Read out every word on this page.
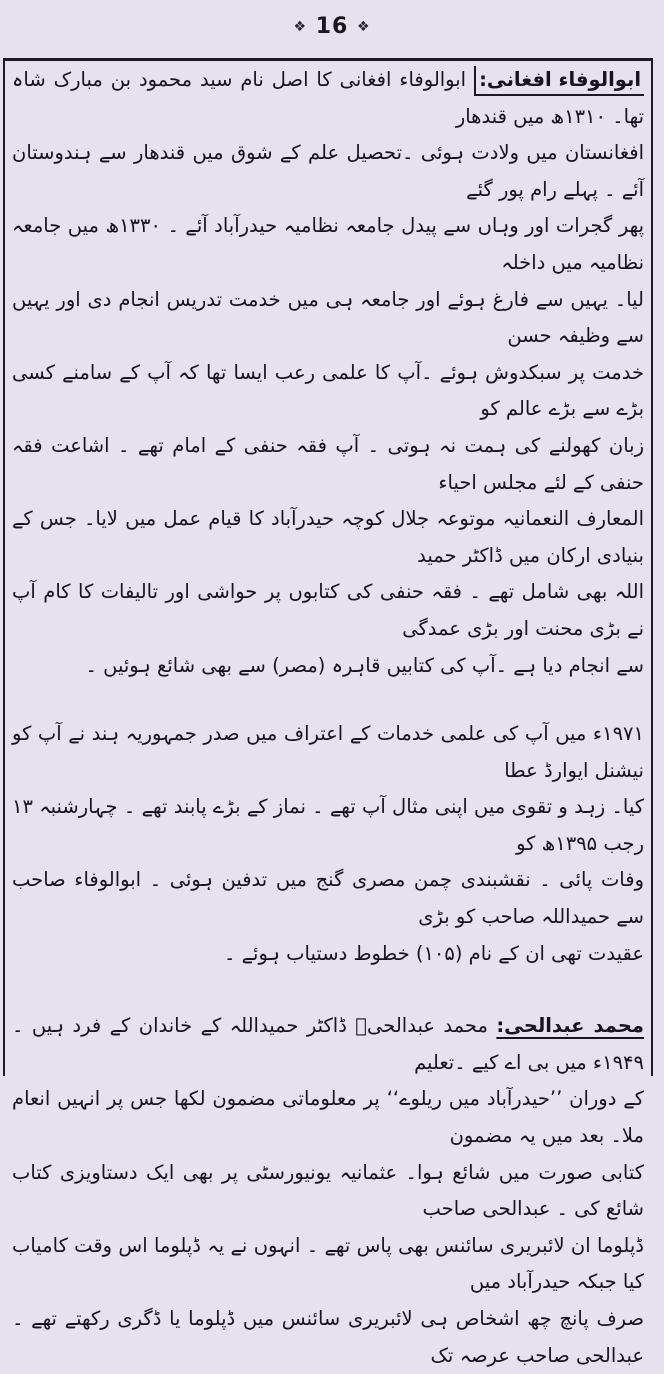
❖ 16 ❖
ابوالوفاء افغانی: ابوالوفاء افغانی کا اصل نام سید محمود بن مبارک شاہ تھا۔ ۱۳۱۰ھ میں قندھار
افغانستان میں ولادت ہوئی ۔تحصیل علم کے شوق میں قندھار سے ہندوستان آئے ۔ پہلے رام پور گئے
پھر گجرات اور وہاں سے پیدل جامعہ نظامیہ حیدرآباد آئے ۔ ۱۳۳۰ھ میں جامعہ نظامیہ میں داخلہ
لیا۔ یہیں سے فارغ ہوئے اور جامعہ ہی میں خدمت تدریس انجام دی اور یہیں سے وظیفہ حسن
خدمت پر سبکدوش ہوئے ۔آپ کا علمی رعب ایسا تھا کہ آپ کے سامنے کسی بڑے سے بڑے عالم کو
زبان کھولنے کی ہمت نہ ہوتی ۔ آپ فقہ حنفی کے امام تھے ۔ اشاعت فقہ حنفی کے لئے مجلس احیاء
المعارف النعمانیہ موتوعہ جلال کوچہ حیدرآباد کا قیام عمل میں لایا۔ جس کے بنیادی ارکان میں ڈاکٹر حمید
اللہ بھی شامل تھے ۔ فقہ حنفی کی کتابوں پر حواشی اور تالیفات کا کام آپ نے بڑی محنت اور بڑی عمدگی
سے انجام دیا ہے ۔آپ کی کتابیں قاہرہ (مصر) سے بھی شائع ہوئیں ۔
۱۹۷۱ء میں آپ کی علمی خدمات کے اعتراف میں صدر جمہوریہ ہند نے آپ کو نیشنل ایوارڈ عطا
کیا۔ زہد و تقوی میں اپنی مثال آپ تھے ۔ نماز کے بڑے پابند تھے ۔ چہارشنبہ ۱۳ رجب ۱۳۹۵ھ کو
وفات پائی ۔ نقشبندی چمن مصری گنج میں تدفین ہوئی ۔ ابوالوفاء صاحب سے حمیداللہ صاحب کو بڑی
عقیدت تھی ان کے نام (۱۰۵) خطوط دستیاب ہوئے ۔
محمد عبدالحی: محمد عبدالحیؒ ڈاکٹر حمیداللہ کے خاندان کے فرد ہیں ۔ ۱۹۴۹ء میں بی اے کیے ۔تعلیم
کے دوران ’’حیدرآباد میں ریلوے‘‘ پر معلوماتی مضمون لکھا جس پر انہیں انعام ملا۔ بعد میں یہ مضمون
کتابی صورت میں شائع ہوا۔ عثمانیہ یونیورسٹی پر بھی ایک دستاویزی کتاب شائع کی ۔ عبدالحی صاحب
ڈپلوما ان لائبریری سائنس بھی پاس تھے ۔ انہوں نے یہ ڈپلوما اس وقت کامیاب کیا جبکہ حیدرآباد میں
صرف پانچ چھ اشخاص ہی لائبریری سائنس میں ڈپلوما یا ڈگری رکھتے تھے ۔ عبدالحی صاحب عرصہ تک
